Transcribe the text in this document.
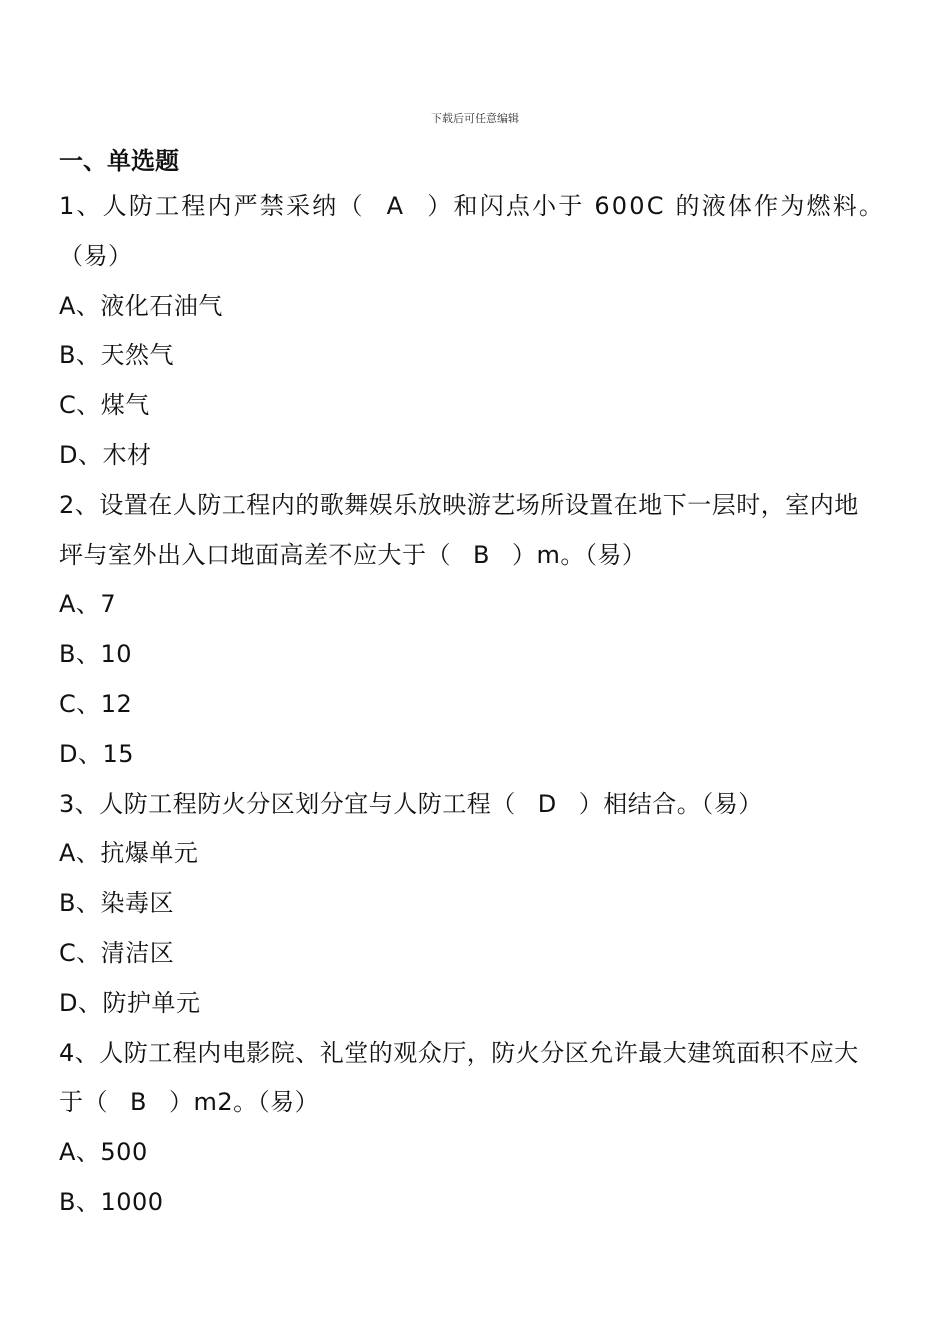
下载后可任意编辑
一、单选题
1、人防工程内严禁采纳（ A ）和闪点小于 600C 的液体作为燃料。
（易）
A、液化石油气
B、天然气
C、煤气
D、木材
2、设置在人防工程内的歌舞娱乐放映游艺场所设置在地下一层时，室内地
坪与室外出入口地面高差不应大于（ B ）m。（易）
A、7
B、10
C、12
D、15
3、人防工程防火分区划分宜与人防工程（ D ）相结合。（易）
A、抗爆单元
B、染毒区
C、清洁区
D、防护单元
4、人防工程内电影院、礼堂的观众厅，防火分区允许最大建筑面积不应大
于（ B ）m2。（易）
A、500
B、1000
